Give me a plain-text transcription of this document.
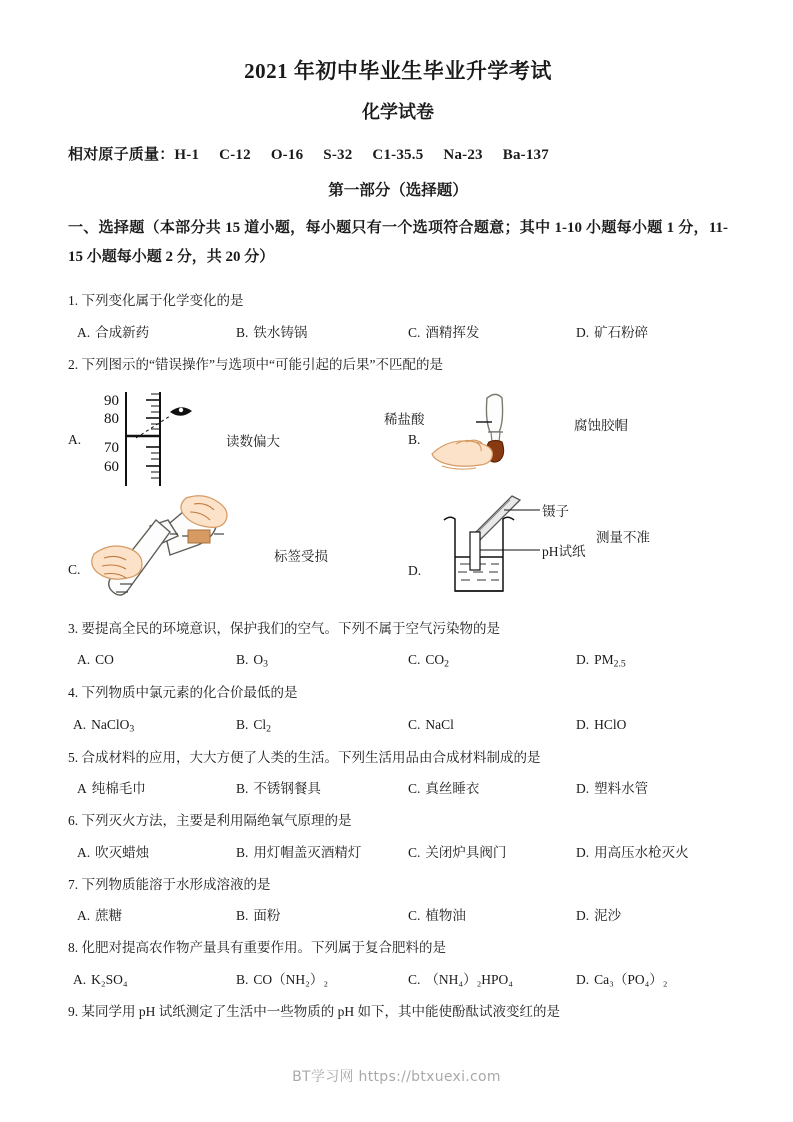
2021 年初中毕业生毕业升学考试
化学试卷
相对原子质量：H-1 C-12 O-16 S-32 C1-35.5 Na-23 Ba-137
第一部分（选择题）
一、选择题（本部分共 15 道小题，每小题只有一个选项符合题意；其中 1-10 小题每小题 1 分，11-15 小题每小题 2 分，共 20 分）
1. 下列变化属于化学变化的是
A. 合成新药	B. 铁水铸锅	C. 酒精挥发	D. 矿石粉碎
2. 下列图示的“错误操作”与选项中“可能引起的后果”不匹配的是
A.
90
80
70
60
读数偏大	B.
稀盐酸	腐蚀胶帽
C.
标签受损
D.
镊子
pH试纸
测量不准
3. 要提高全民的环境意识，保护我们的空气。下列不属于空气污染物的是
A. CO	B. $O_3$	C. $CO_2$	D. $PM_{2.5}$
4. 下列物质中氯元素的化合价最低的是
A. NaClO$_3$	B. $Cl_2$	C. NaCl	D. HClO
5. 合成材料的应用，大大方便了人类的生活。下列生活用品由合成材料制成的是
A 纯棉毛巾	B. 不锈钢餐具	C. 真丝睡衣	D. 塑料水管
6. 下列灭火方法，主要是利用隔绝氧气原理的是
A. 吹灭蜡烛	B. 用灯帽盖灭酒精灯	C. 关闭炉具阀门	D. 用高压水枪灭火
7. 下列物质能溶于水形成溶液的是
A. 蔗糖	B. 面粉	C. 植物油	D. 泥沙
8. 化肥对提高农作物产量具有重要作用。下列属于复合肥料的是
A. K₂SO₄	B. CO（NH₂）₂	C. （NH₄）₂HPO₄	D. Ca₃（PO₄）₂
9. 某同学用 pH 试纸测定了生活中一些物质的 pH 如下，其中能使酚酞试液变红的是
BT学习网 https://btxuexi.com
